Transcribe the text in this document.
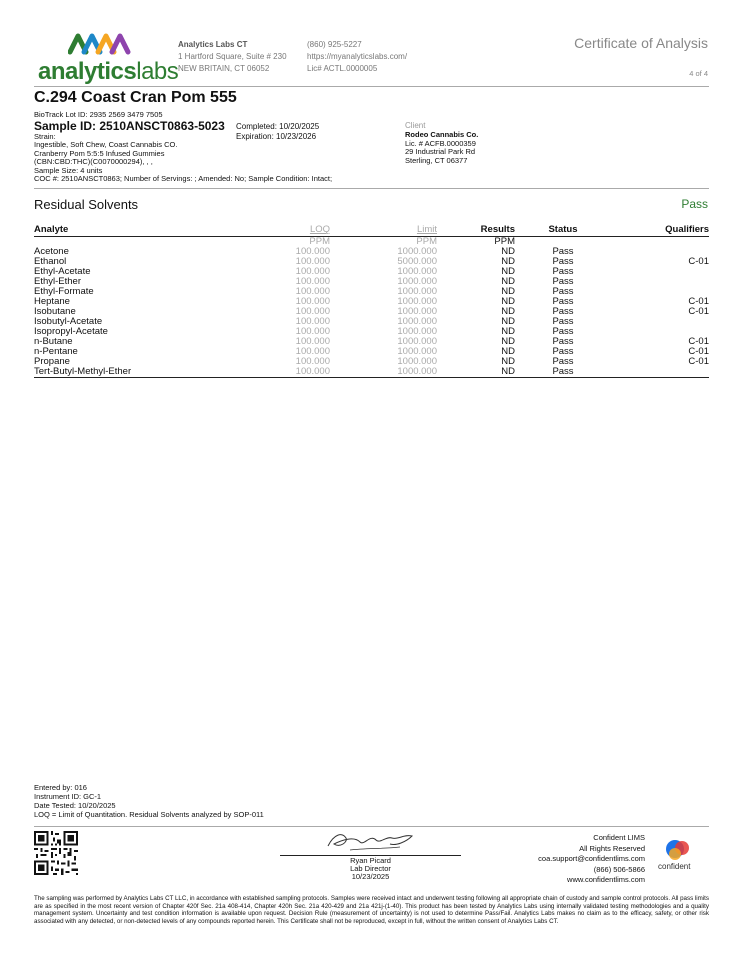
analyticslabs
Analytics Labs CT
1 Hartford Square, Suite # 230
NEW BRITAIN, CT 06052
(860) 925-5227
https://myanalyticslabs.com/
Lic# ACTL.0000005
Certificate of Analysis
4 of 4
C.294 Coast Cran Pom 555
BioTrack Lot ID: 2935 2569 3479 7505
Sample ID: 2510ANSCT0863-5023
Strain:
Ingestible, Soft Chew, Coast Cannabis CO.
Cranberry Pom 5:5:5 Infused Gummies
(CBN:CBD:THC)(C0070000294), , ,
Sample Size: 4 units
COC #: 2510ANSCT0863; Number of Servings: ; Amended: No; Sample Condition: Intact;
Completed: 10/20/2025
Expiration: 10/23/2026
Client
Rodeo Cannabis Co.
Lic. # ACFB.0000359
29 Industrial Park Rd
Sterling, CT 06377
Residual Solvents	Pass
Analyte	LOQ	Limit	Results	Status	Qualifiers
	PPM	PPM	PPM		
Acetone	100.000	1000.000	ND	Pass	
Ethanol	100.000	5000.000	ND	Pass	C-01
Ethyl-Acetate	100.000	1000.000	ND	Pass	
Ethyl-Ether	100.000	1000.000	ND	Pass	
Ethyl-Formate	100.000	1000.000	ND	Pass	
Heptane	100.000	1000.000	ND	Pass	C-01
Isobutane	100.000	1000.000	ND	Pass	C-01
Isobutyl-Acetate	100.000	1000.000	ND	Pass	
Isopropyl-Acetate	100.000	1000.000	ND	Pass	
n-Butane	100.000	1000.000	ND	Pass	C-01
n-Pentane	100.000	1000.000	ND	Pass	C-01
Propane	100.000	1000.000	ND	Pass	C-01
Tert-Butyl-Methyl-Ether	100.000	1000.000	ND	Pass	
Entered by: 016
Instrument ID: GC-1
Date Tested: 10/20/2025
LOQ = Limit of Quantitation. Residual Solvents analyzed by SOP-011
Ryan Picard
Lab Director
10/23/2025
Confident LIMS
All Rights Reserved
coa.support@confidentlims.com
(866) 506-5866
www.confidentlims.com
confident
The sampling was performed by Analytics Labs CT LLC, in accordance with established sampling protocols. Samples were received intact and underwent testing following all appropriate chain of custody and sample control protocols. All pass limits are as specified in the most recent version of Chapter 420f Sec. 21a 408-414, Chapter 420h Sec. 21a 420-429 and 21a 421j-(1-40). This product has been tested by Analytics Labs using internally validated testing methodologies and a quality management system. Uncertainty and test condition information is available upon request. Decision Rule (measurement of uncertainty) is not used to determine Pass/Fail. Analytics Labs makes no claim as to the efficacy, safety, or other risk associated with any detected, or non-detected levels of any compounds reported herein. This Certificate shall not be reproduced, except in full, without the written consent of Analytics Labs CT.
